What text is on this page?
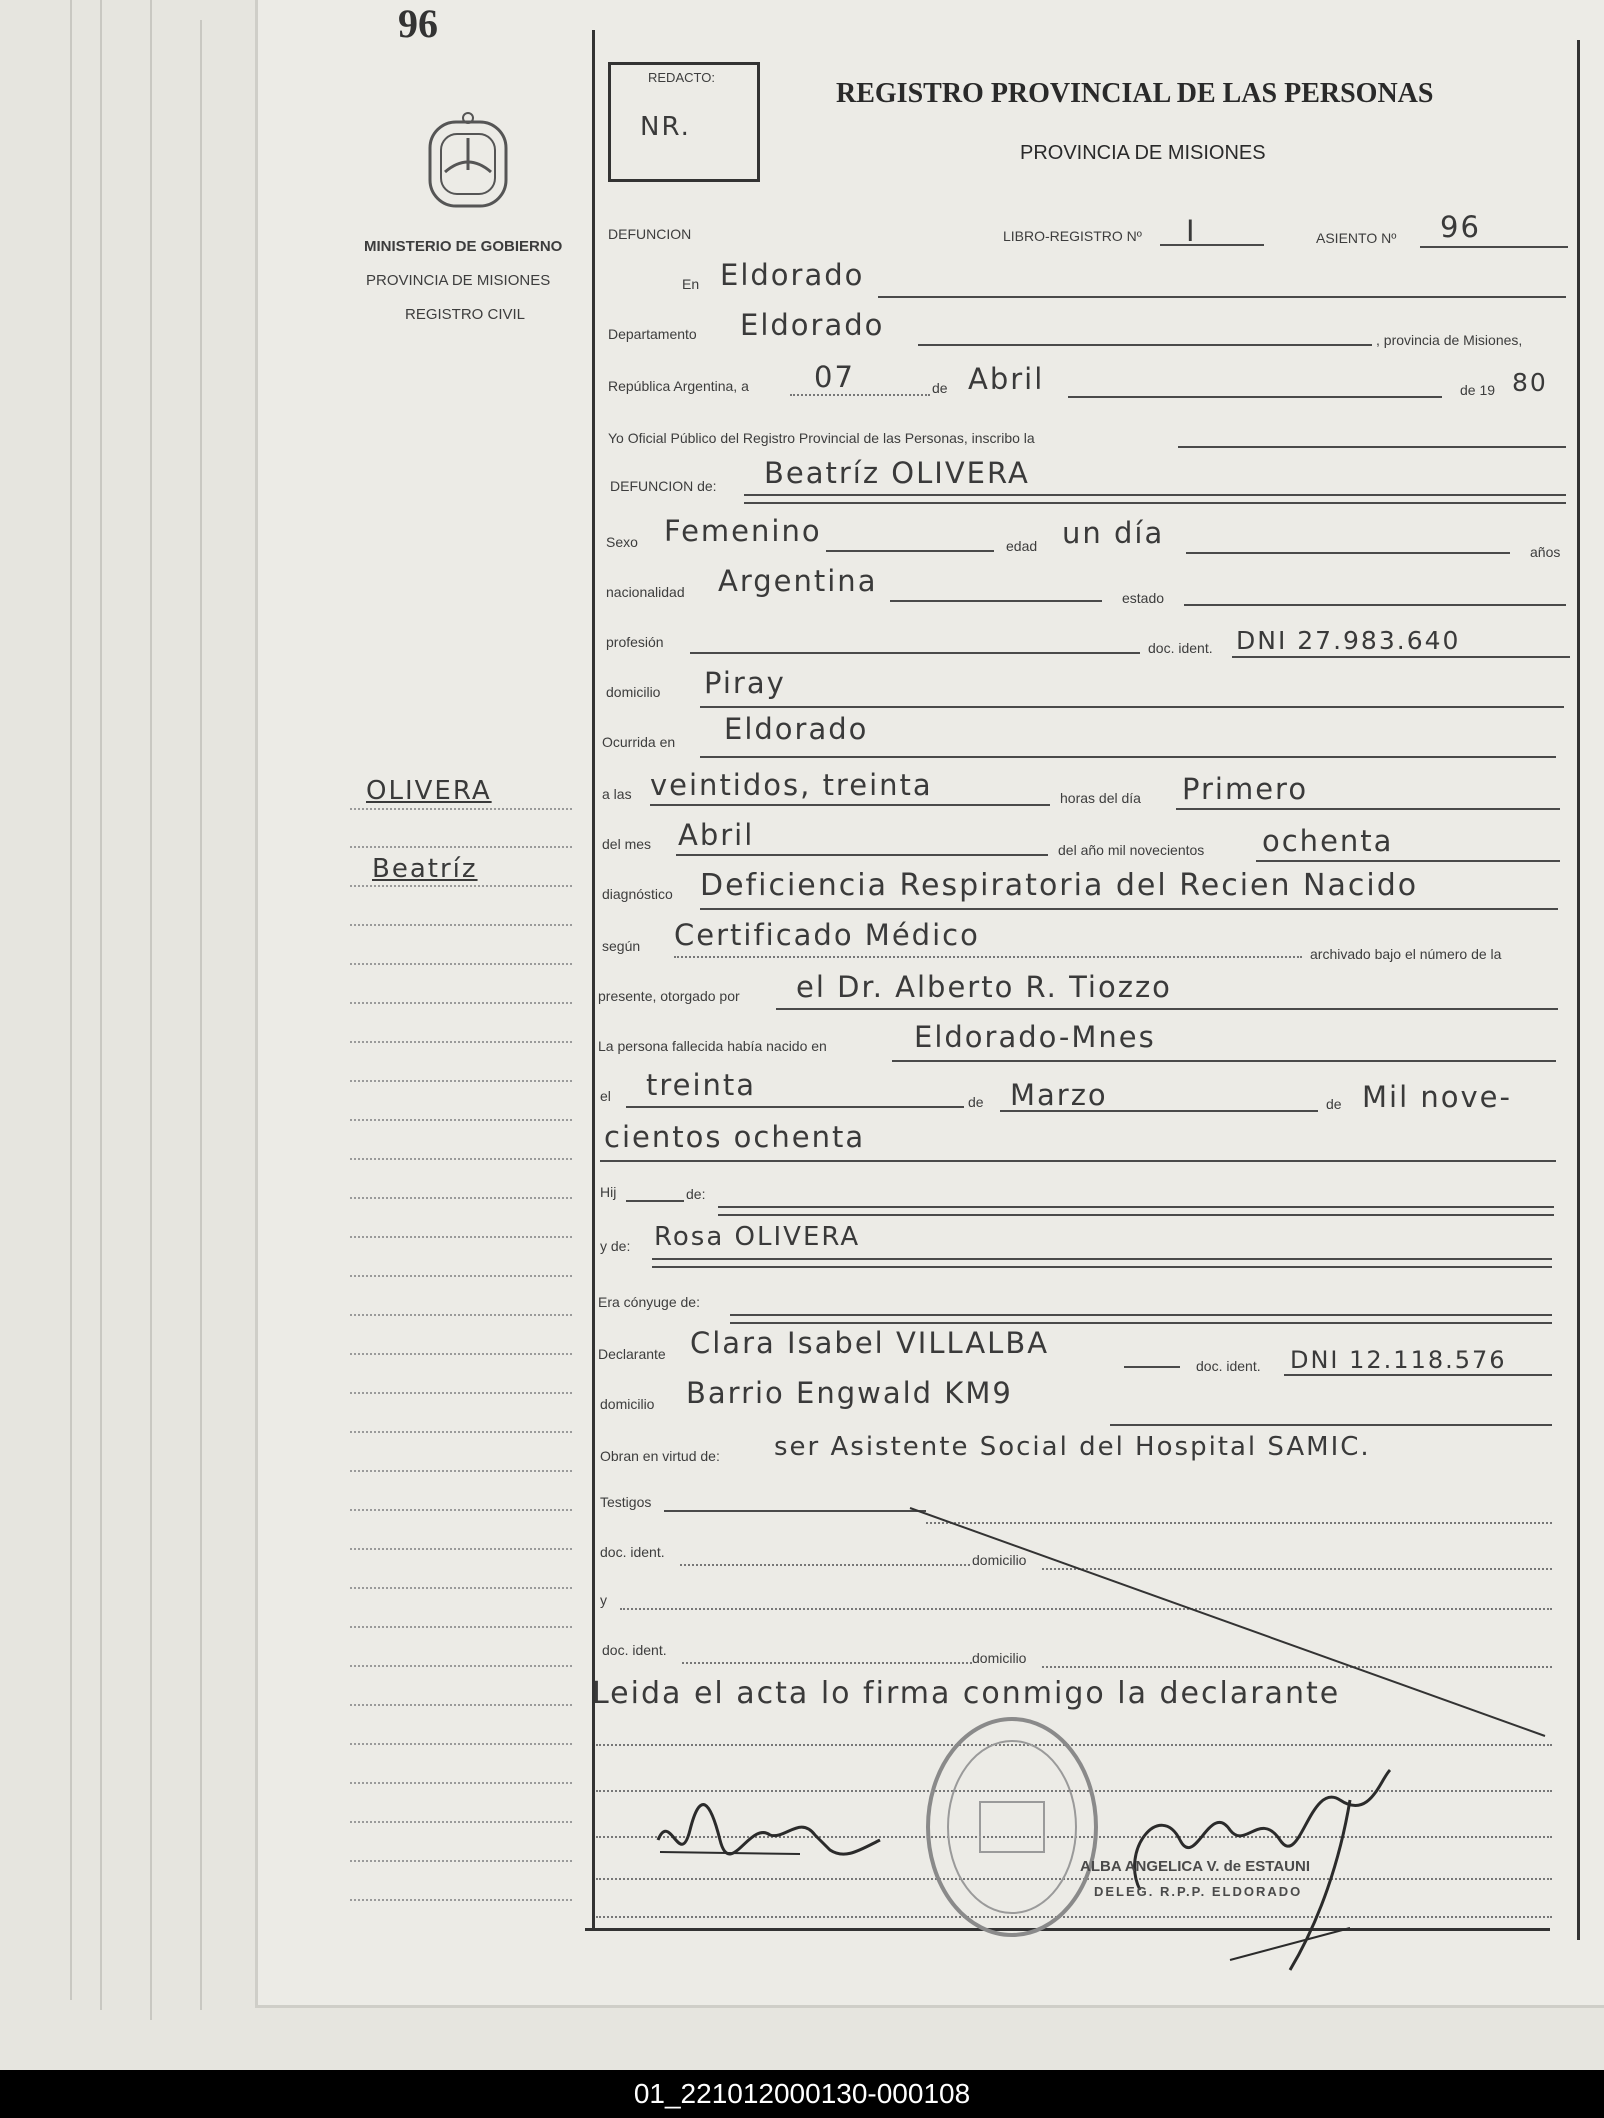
96
MINISTERIO DE GOBIERNO
PROVINCIA DE MISIONES
REGISTRO CIVIL
OLIVERA
Beatríz
REDACTO:
NR.
REGISTRO PROVINCIAL DE LAS PERSONAS
PROVINCIA DE MISIONES
DEFUNCION	LIBRO-REGISTRO Nº I	ASIENTO Nº 96
En Eldorado
Departamento Eldorado	, provincia de Misiones,
República Argentina, a 07	de Abril	de 19 80
Yo Oficial Público del Registro Provincial de las Personas, inscribo la
DEFUNCION de: Beatríz OLIVERA
Sexo Femenino	edad un día
años
nacionalidad Argentina	estado
profesión	doc. ident. DNI 27.983.640
domicilio Piray
Ocurrida en Eldorado
a las veintidos, treinta	horas del día Primero
del mes Abril	del año mil novecientos ochenta
diagnóstico Deficiencia Respiratoria del Recien Nacido
según Certificado Médico
archivado bajo el número de la
presente, otorgado por el Dr. Alberto R. Tiozzo
La persona fallecida había nacido en	Eldorado-Mnes
el treinta	de Marzo	de Mil nove-
cientos ochenta
Hij	de:
y de: Rosa OLIVERA
Era cónyuge de:
Declarante Clara Isabel VILLALBA
doc. ident. DNI 12.118.576
domicilio Barrio Engwald KM9
Obran en virtud de: ser Asistente Social del Hospital SAMIC.
Testigos
doc. ident.	domicilio
y
doc. ident.	domicilio
Leida el acta lo firma conmigo la declarante
ALBA ANGELICA V. de ESTAUNI
DELEG. R.P.P. ELDORADO
01_221012000130-000108
